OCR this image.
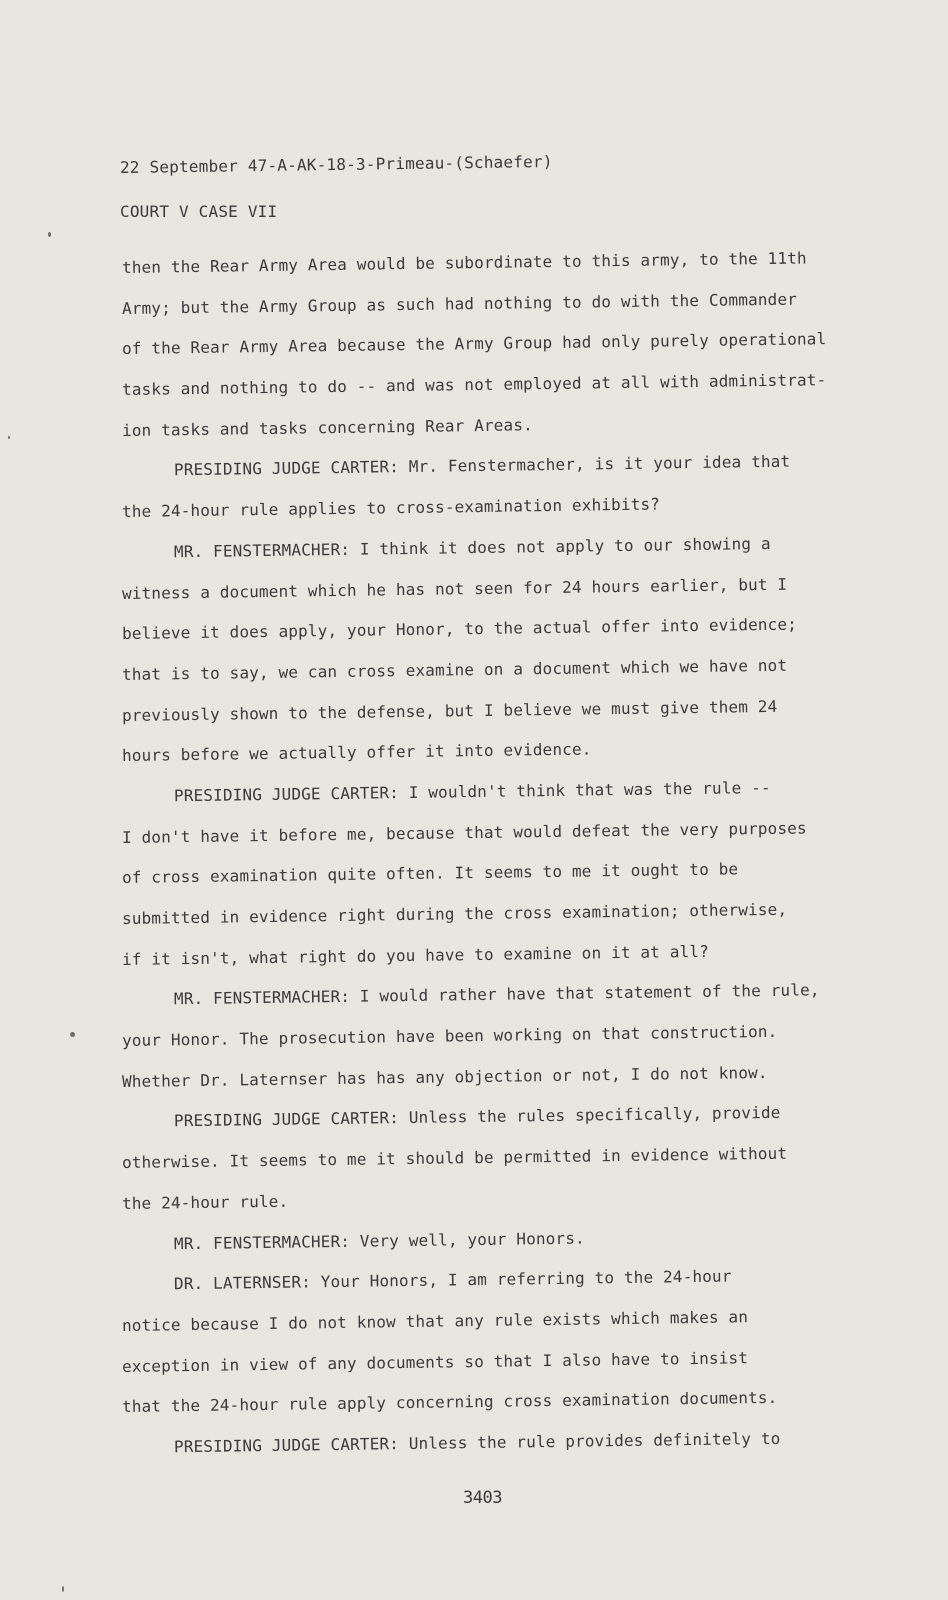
22 September 47-A-AK-18-3-Primeau-(Schaefer)
COURT V CASE VII
then the Rear Army Area would be subordinate to this army, to the 11th
Army; but the Army Group as such had nothing to do with the Commander
of the Rear Army Area because the Army Group had only purely operational
tasks and nothing to do -- and was not employed at all with administrat-
ion tasks and tasks concerning Rear Areas.
PRESIDING JUDGE CARTER: Mr. Fenstermacher, is it your idea that
the 24-hour rule applies to cross-examination exhibits?
MR. FENSTERMACHER: I think it does not apply to our showing a
witness a document which he has not seen for 24 hours earlier, but I
believe it does apply, your Honor, to the actual offer into evidence;
that is to say, we can cross examine on a document which we have not
previously shown to the defense, but I believe we must give them 24
hours before we actually offer it into evidence.
PRESIDING JUDGE CARTER: I wouldn't think that was the rule --
I don't have it before me, because that would defeat the very purposes
of cross examination quite often. It seems to me it ought to be
submitted in evidence right during the cross examination; otherwise,
if it isn't, what right do you have to examine on it at all?
MR. FENSTERMACHER: I would rather have that statement of the rule,
your Honor. The prosecution have been working on that construction.
Whether Dr. Laternser has has any objection or not, I do not know.
PRESIDING JUDGE CARTER: Unless the rules specifically, provide
otherwise. It seems to me it should be permitted in evidence without
the 24-hour rule.
MR. FENSTERMACHER: Very well, your Honors.
DR. LATERNSER: Your Honors, I am referring to the 24-hour
notice because I do not know that any rule exists which makes an
exception in view of any documents so that I also have to insist
that the 24-hour rule apply concerning cross examination documents.
PRESIDING JUDGE CARTER: Unless the rule provides definitely to
3403
